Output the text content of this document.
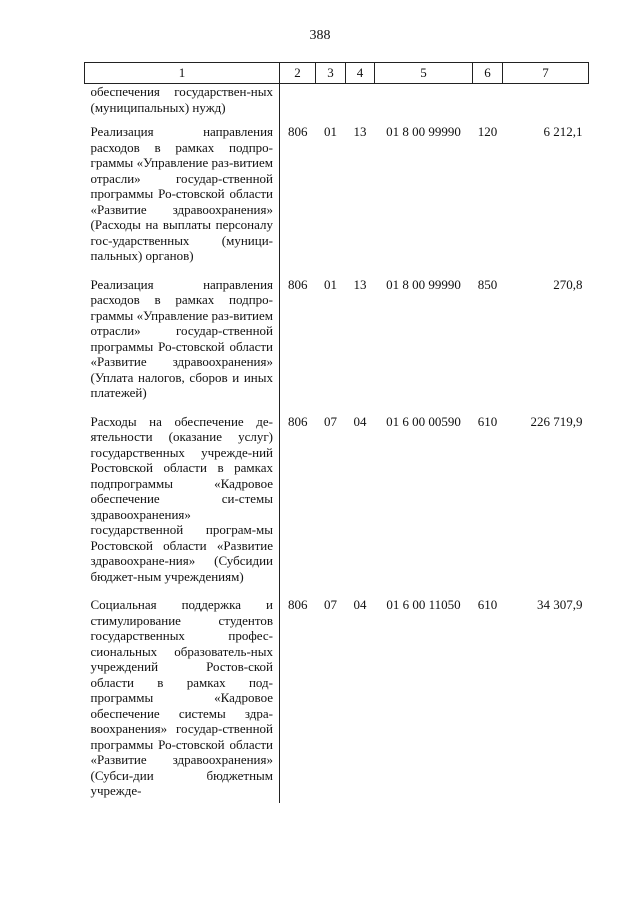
388
1	2	3	4	5	6	7
обеспечения государствен-ных (муниципальных) нужд)						
Реализация направления расходов в рамках подпро-граммы «Управление раз-витием отрасли» государ-ственной программы Ро-стовской области «Развитие здравоохранения» (Расходы на выплаты персоналу гос-ударственных (муници-пальных) органов)	806	01	13	01 8 00 99990	120	6 212,1
Реализация направления расходов в рамках подпро-граммы «Управление раз-витием отрасли» государ-ственной программы Ро-стовской области «Развитие здравоохранения» (Уплата налогов, сборов и иных платежей)	806	01	13	01 8 00 99990	850	270,8
Расходы на обеспечение де-ятельности (оказание услуг) государственных учрежде-ний Ростовской области в рамках подпрограммы «Кадровое обеспечение си-стемы здравоохранения» государственной програм-мы Ростовской области «Развитие здравоохране-ния» (Субсидии бюджет-ным учреждениям)	806	07	04	01 6 00 00590	610	226 719,9
Социальная поддержка и стимулирование студентов государственных профес-сиональных образователь-ных учреждений Ростов-ской области в рамках под-программы «Кадровое обеспечение системы здра-воохранения» государ-ственной программы Ро-стовской области «Развитие здравоохранения» (Субси-дии бюджетным учрежде-	806	07	04	01 6 00 11050	610	34 307,9
